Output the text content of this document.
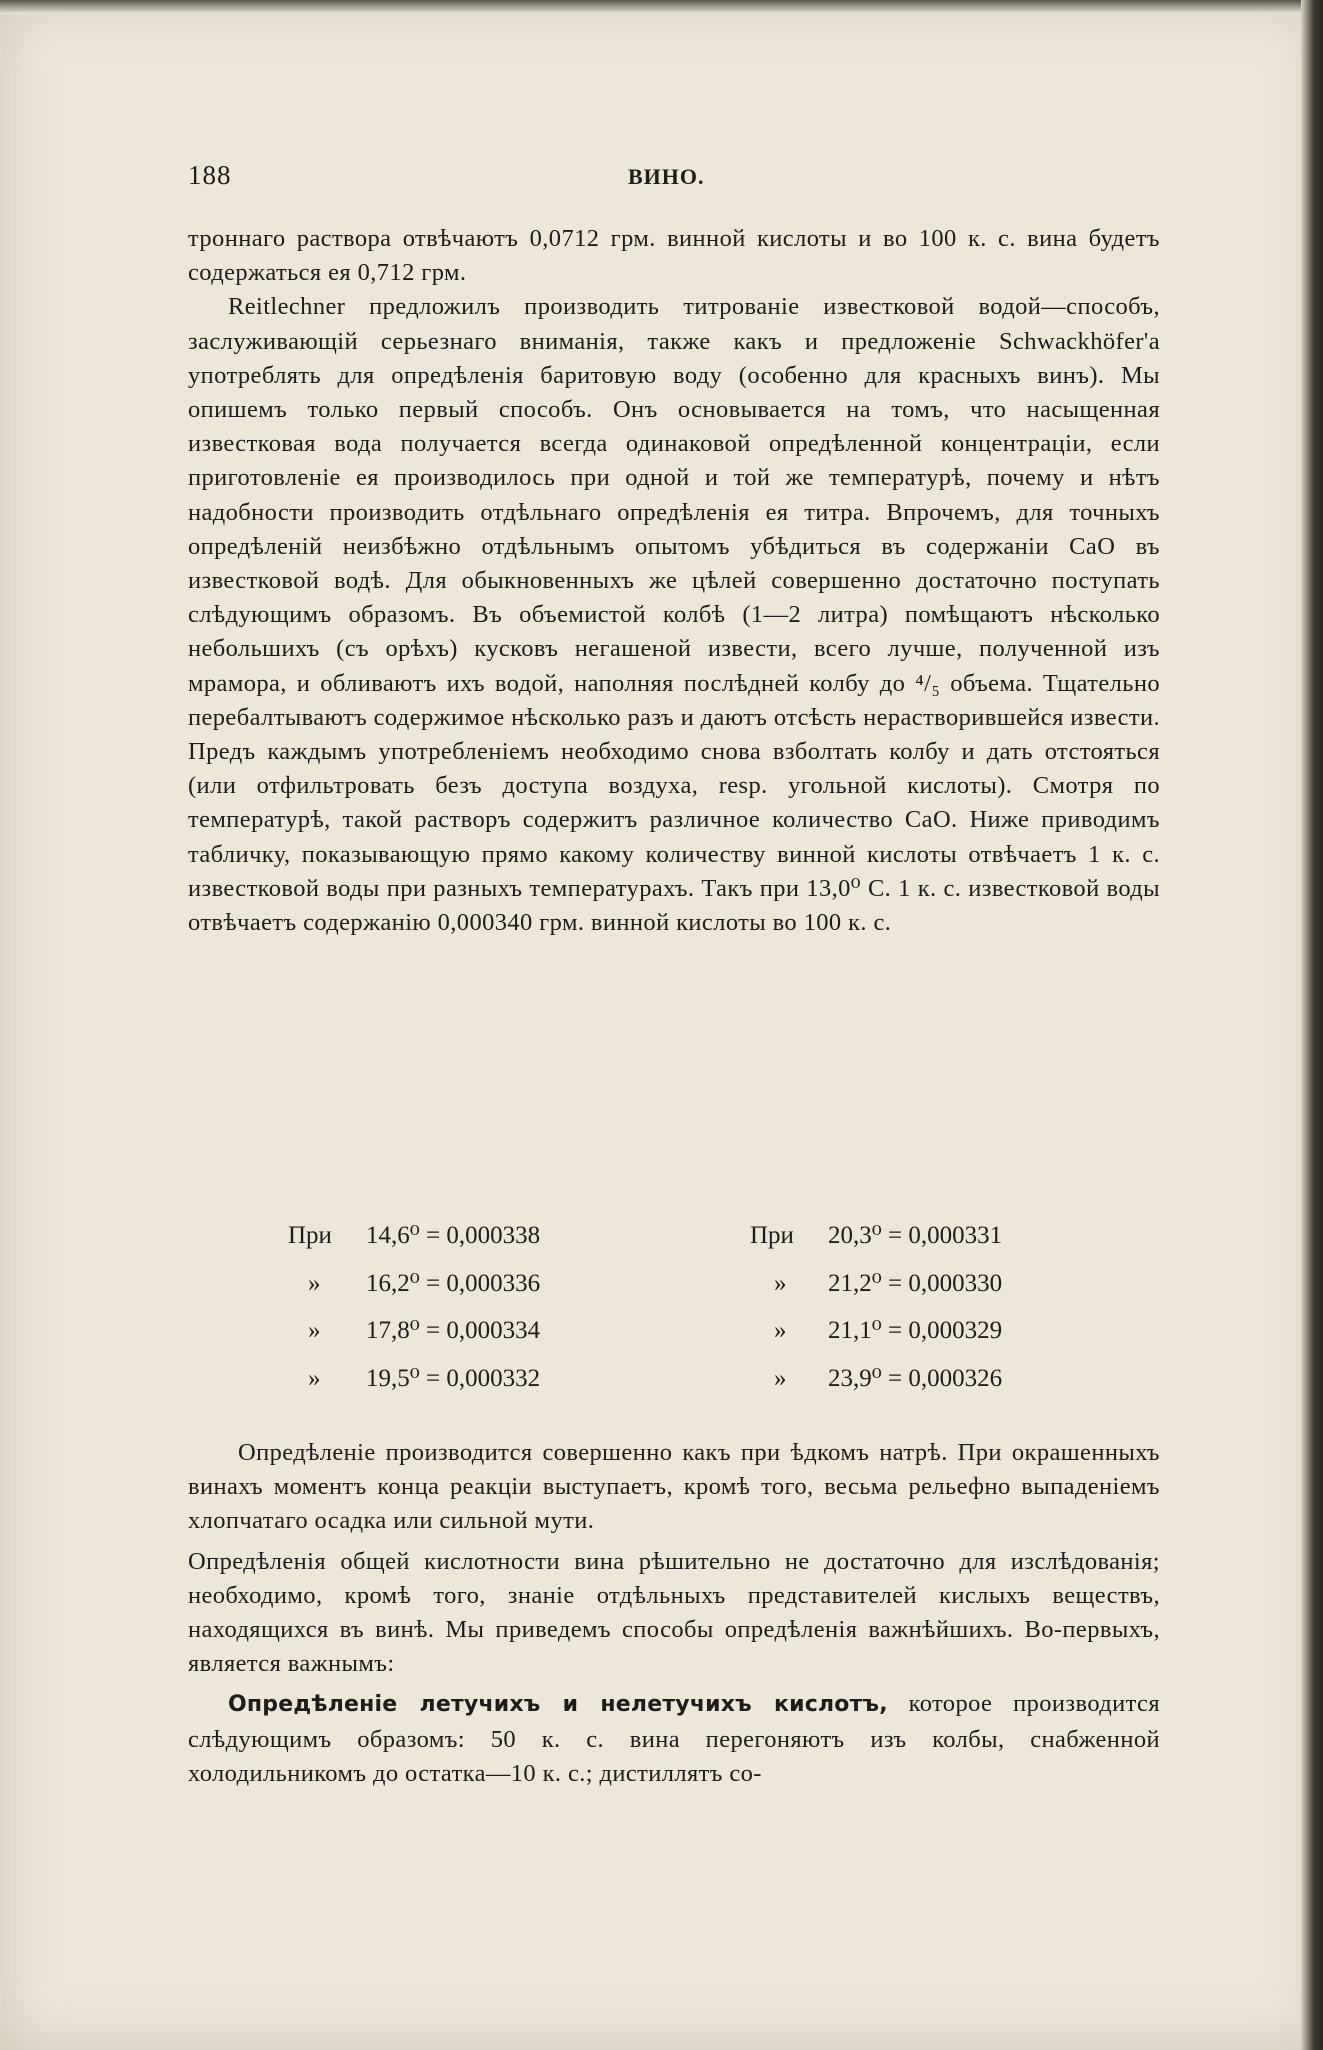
188	ВИНО.

троннаго раствора отвѣчаютъ 0,0712 грм. винной кислоты и во 100 к. с. вина будетъ содержаться ея 0,712 грм.

Reitlechner предложилъ производить титрованіе известковой водой—способъ, заслуживающій серьезнаго вниманія, также какъ и предложеніе Schwackhöfer'а употреблять для опредѣленія баритовую воду (особенно для красныхъ винъ). Мы опишемъ только первый способъ. Онъ основывается на томъ, что насыщенная известковая вода получается всегда одинаковой опредѣленной концентраціи, если приготовленіе ея производилось при одной и той же температурѣ, почему и нѣтъ надобности производить отдѣльнаго опредѣленія ея титра. Впрочемъ, для точныхъ опредѣленій неизбѣжно отдѣльнымъ опытомъ убѣдиться въ содержаніи CaO въ известковой водѣ. Для обыкновенныхъ же цѣлей совершенно достаточно поступать слѣдующимъ образомъ. Въ объемистой колбѣ (1—2 литра) помѣщаютъ нѣсколько небольшихъ (съ орѣхъ) кусковъ негашеной извести, всего лучше, полученной изъ мрамора, и обливаютъ ихъ водой, наполняя послѣдней колбу до ⁴/₅ объема. Тщательно перебалтываютъ содержимое нѣсколько разъ и даютъ отсѣсть нерастворившейся извести. Предъ каждымъ употребленіемъ необходимо снова взболтать колбу и дать отстояться (или отфильтровать безъ доступа воздуха, resp. угольной кислоты). Смотря по температурѣ, такой растворъ содержитъ различное количество CaO. Ниже приводимъ табличку, показывающую прямо какому количеству винной кислоты отвѣчаетъ 1 к. с. известковой воды при разныхъ температурахъ. Такъ при 13,0⁰ C. 1 к. с. известковой воды отвѣчаетъ содержанію 0,000340 грм. винной кислоты во 100 к. с.

При 14,6⁰ = 0,000338
» 16,2⁰ = 0,000336
» 17,8⁰ = 0,000334
» 19,5⁰ = 0,000332
При 20,3⁰ = 0,000331
» 21,2⁰ = 0,000330
» 21,1⁰ = 0,000329
» 23,9⁰ = 0,000326

Опредѣленіе производится совершенно какъ при ѣдкомъ натрѣ. При окрашенныхъ винахъ моментъ конца реакціи выступаетъ, кромѣ того, весьма рельефно выпаденіемъ хлопчатаго осадка или сильной мути.

Опредѣленія общей кислотности вина рѣшительно не достаточно для изслѣдованія; необходимо, кромѣ того, знаніе отдѣльныхъ представителей кислыхъ веществъ, находящихся въ винѣ. Мы приведемъ способы опредѣленія важнѣйшихъ. Во-первыхъ, является важнымъ:

Опредѣленіе летучихъ и нелетучихъ кислотъ, которое производится слѣдующимъ образомъ: 50 к. с. вина перегоняютъ изъ колбы, снабженной холодильникомъ до остатка—10 к. с.; дистиллятъ со-
